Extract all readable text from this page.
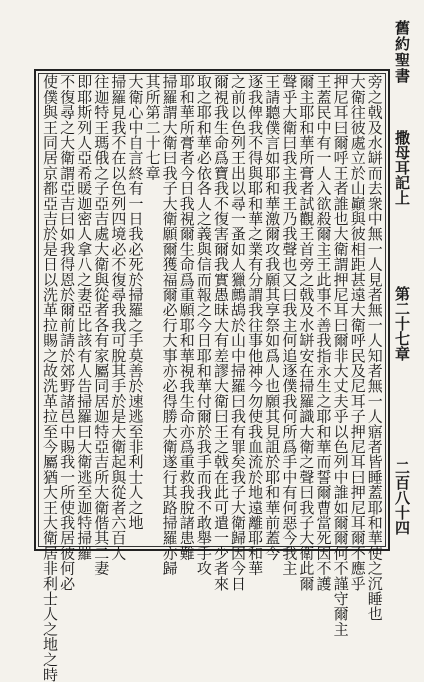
舊約聖書
撒母耳記上
第二十七章
二百八十四
旁之戟及水缾而去衆中無一人見者無一人知者無一人寤者皆睡蓋耶和華使之沉睡也
大衛往彼處立於山巓與彼相距甚遠大衛呼民及尼耳子押尼耳曰押尼耳爾不應乎
押尼耳曰爾呼王者誰也大衛謂押尼耳曰爾非大丈夫乎以色列中誰如爾爾何不謹守爾主
王蓋民中有一人入欲殺爾主王此事不善我指永生之耶和華而誓爾曹當死因不護
爾主耶和華所膏者試觀王首旁之戟及水缾安在掃羅識大衛之聲曰我子大衛此爾
聲乎大衛曰我主我王乃我聲也又曰我主何追逐僕我何所爲手中有何惡今我主
王請聽僕言如耶和華激爾攻我願其享祭如爲人也願其見詛於耶和華前蓋今
逐我俾我不得與耶和華之業有分謂我往事他神今勿使我血流於地遠離耶和華
之前以色列王出以尋一蚤如人獵鷓鴣於山中掃羅曰我有罪矣我子大衛歸因今日
爾視我生命爲寶我不復害爾我實愚昧大有差謬大衛曰王之戟在此可遣一少者來
取之耶和華必依各人之義與信而報之今日耶和華付爾於我手而我不敢舉手攻
耶和華所膏者今日我視爾生命爲重願耶和華視我生命亦爲重救我脫諸患難
掃羅謂大衛曰我子大衛願爾獲福爾必行大事亦必得勝大衛遂行其路掃羅亦歸
其所第二十七章
大衛心中自言終有一日我必死於掃羅之手莫善於速逃至非利士人之地
掃羅見我不在以色列四境必不復尋我我可脫其手於是大衛起與從者六百人
往迦特王瑪俄之子亞吉處大衛與從者各有家屬同居迦特亞吉所大衛偕其二妻
即耶斯列人亞希暖迦密人拿八之妻亞比該有人告掃羅曰大衛逃至迦特掃羅
不復尋之大衛謂亞吉曰如我得恩於爾前請於郊野諸邑中賜我一所使我居彼何必
使僕與王同居京都亞吉於是日以洗革拉賜之故洗革拉至今屬猶大王大衛居非利士人之地之時
